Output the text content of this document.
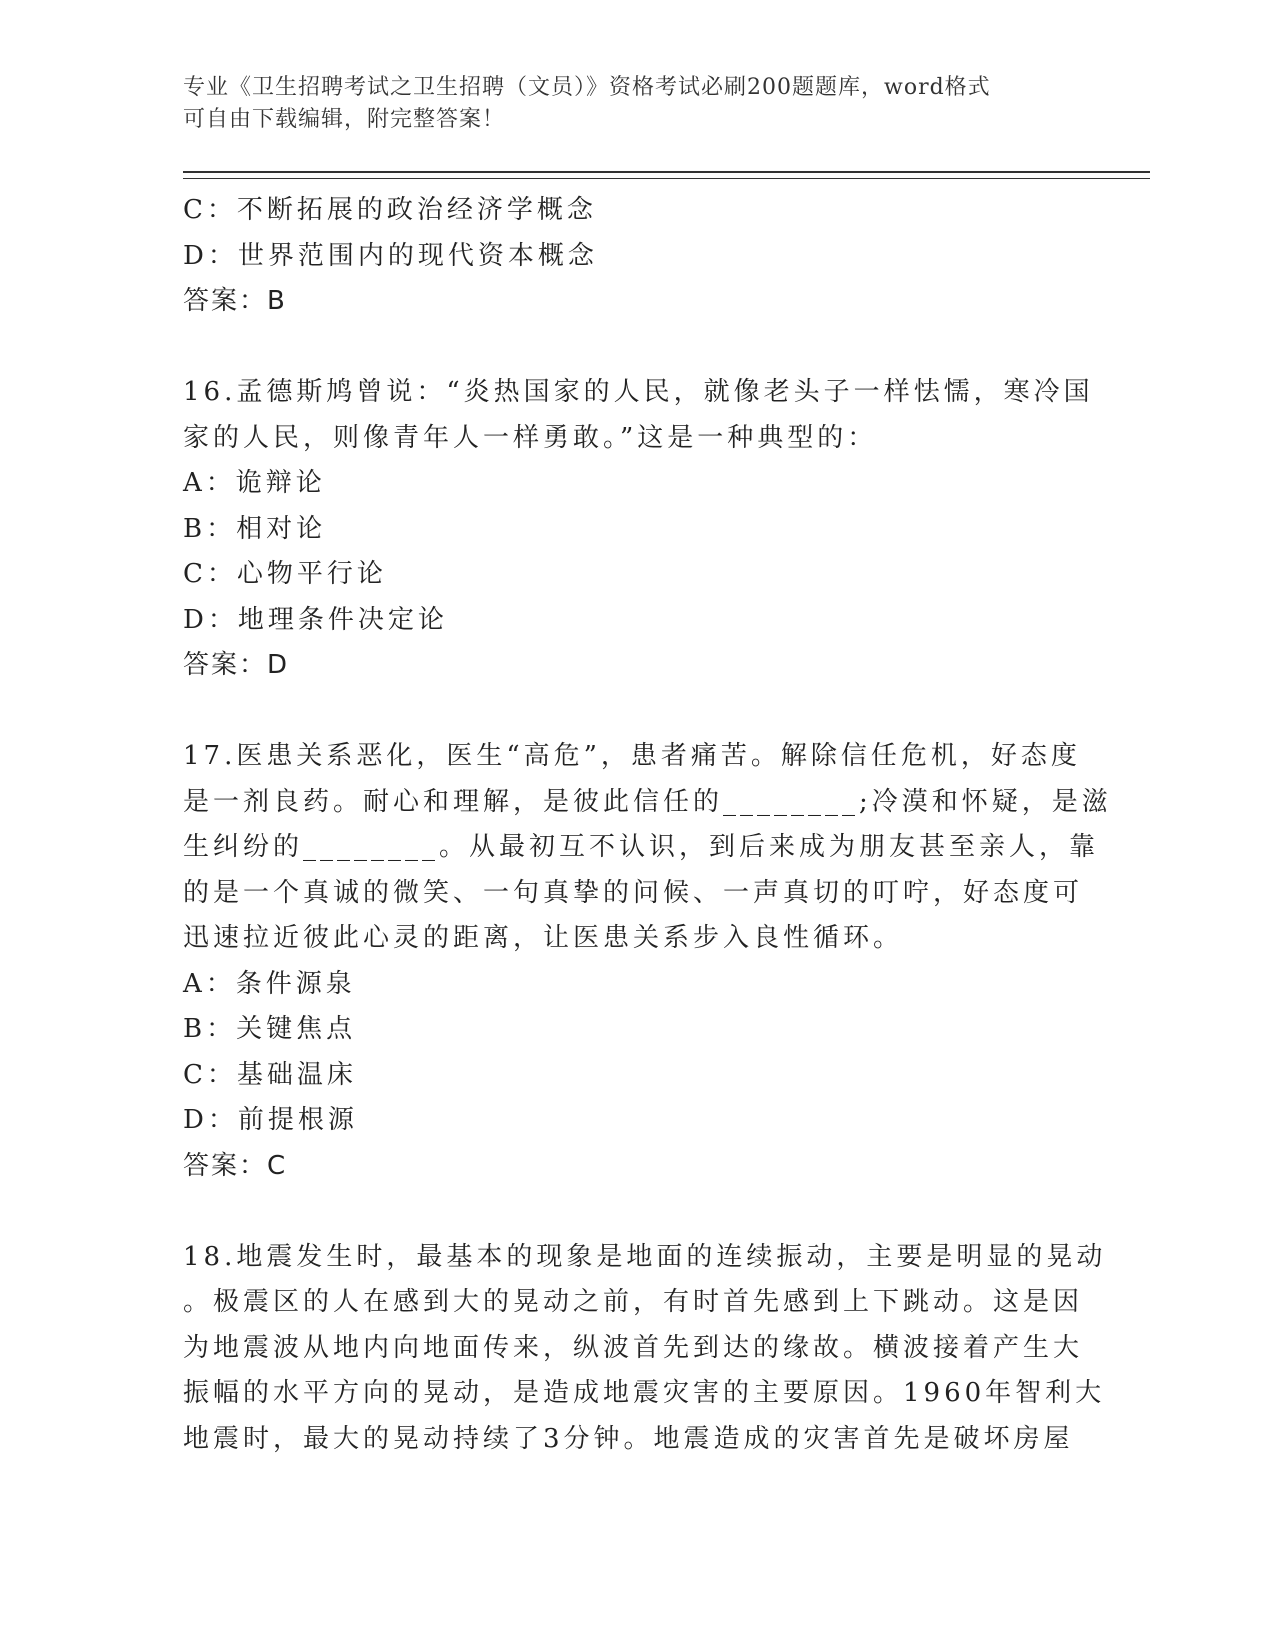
专业《卫生招聘考试之卫生招聘（文员）》资格考试必刷200题题库，word格式
可自由下载编辑，附完整答案！
C：不断拓展的政治经济学概念
D：世界范围内的现代资本概念
答案：B
16.孟德斯鸠曾说：“炎热国家的人民，就像老头子一样怯懦，寒冷国
家的人民，则像青年人一样勇敢。”这是一种典型的：
A：诡辩论
B：相对论
C：心物平行论
D：地理条件决定论
答案：D
17.医患关系恶化，医生“高危”，患者痛苦。解除信任危机，好态度
是一剂良药。耐心和理解，是彼此信任的________;冷漠和怀疑，是滋
生纠纷的________。从最初互不认识，到后来成为朋友甚至亲人，靠
的是一个真诚的微笑、一句真挚的问候、一声真切的叮咛，好态度可
迅速拉近彼此心灵的距离，让医患关系步入良性循环。
A：条件源泉
B：关键焦点
C：基础温床
D：前提根源
答案：C
18.地震发生时，最基本的现象是地面的连续振动，主要是明显的晃动
。极震区的人在感到大的晃动之前，有时首先感到上下跳动。这是因
为地震波从地内向地面传来，纵波首先到达的缘故。横波接着产生大
振幅的水平方向的晃动，是造成地震灾害的主要原因。1960年智利大
地震时，最大的晃动持续了3分钟。地震造成的灾害首先是破坏房屋
